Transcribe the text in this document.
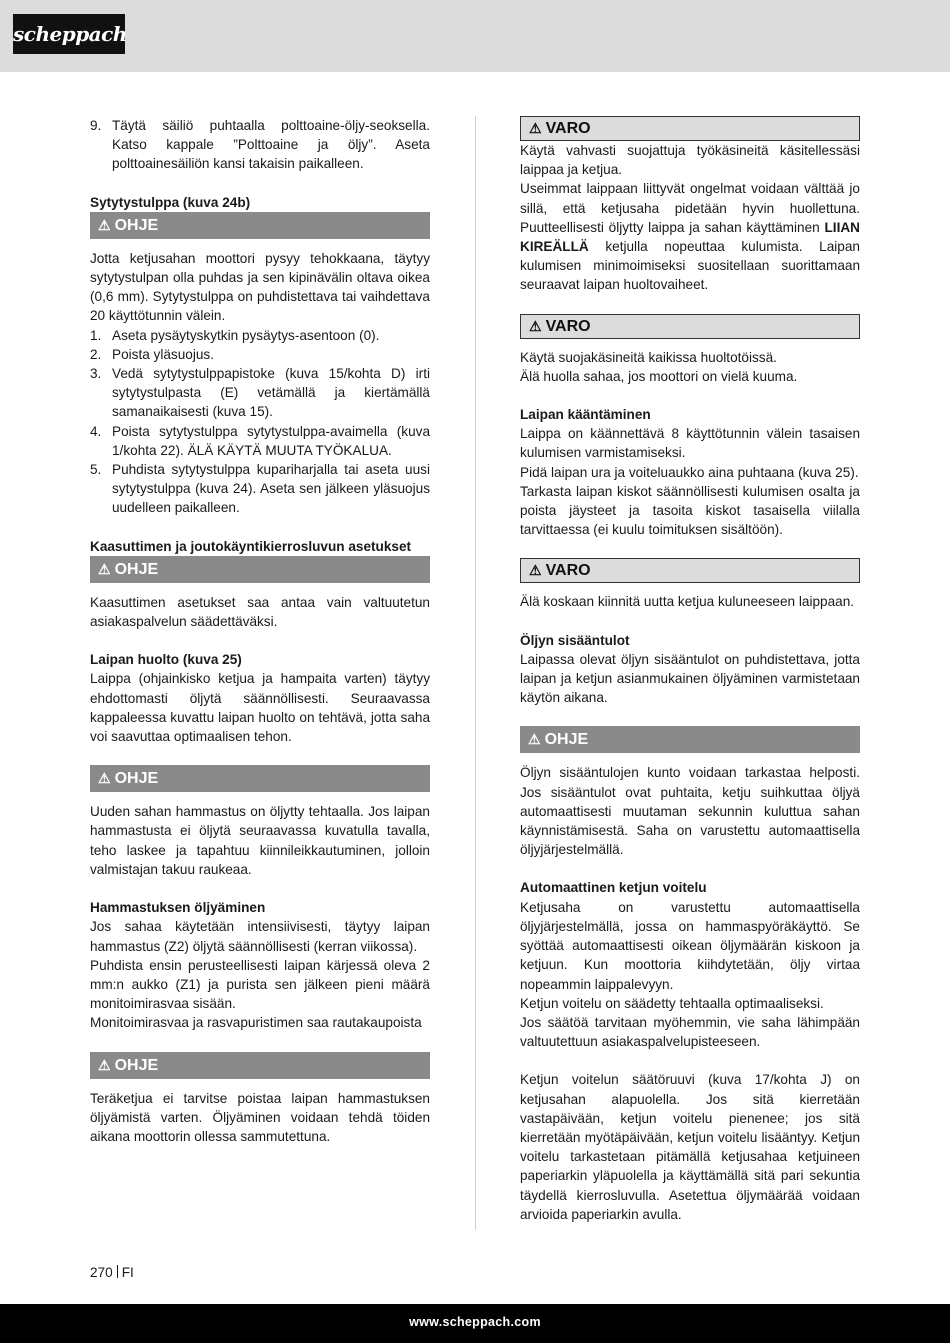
scheppach
9. Täytä säiliö puhtaalla polttoaine-öljy-seoksella. Katso kappale ”Polttoaine ja öljy”. Aseta polttoainesäiliön kansi takaisin paikalleen.
Sytytystulppa (kuva 24b)
⚠ OHJE

Jotta ketjusahan moottori pysyy tehokkaana, täytyy sytytystulpan olla puhdas ja sen kipinävälin oltava oikea (0,6 mm). Sytytystulppa on puhdistettava tai vaihdettava 20 käyttötunnin välein.

1. Aseta pysäytyskytkin pysäytys-asentoon (0).
2. Poista yläsuojus.
3. Vedä sytytystulppapistoke (kuva 15/kohta D) irti sytytystulpasta (E) vetämällä ja kiertämällä samanaikaisesti (kuva 15).
4. Poista sytytystulppa sytytystulppa-avaimella (kuva 1/kohta 22). ÄLÄ KÄYTÄ MUUTA TYÖKALUA.
5. Puhdista sytytystulppa kupariharjalla tai aseta uusi sytytystulppa (kuva 24). Aseta sen jälkeen yläsuojus uudelleen paikalleen.
Kaasuttimen ja joutokäyntikierrosluvun asetukset
⚠ OHJE

Kaasuttimen asetukset saa antaa vain valtuutetun asiakaspalvelun säädettäväksi.

Laipan huolto (kuva 25)

Laippa (ohjainkisko ketjua ja hampaita varten) täytyy ehdottomasti öljytä säännöllisesti. Seuraavassa kappaleessa kuvattu laipan huolto on tehtävä, jotta saha voi saavuttaa optimaalisen tehon.

⚠ OHJE

Uuden sahan hammastus on öljytty tehtaalla. Jos laipan hammastusta ei öljytä seuraavassa kuvatulla tavalla, teho laskee ja tapahtuu kiinnileikkautuminen, jolloin valmistajan takuu raukeaa.

Hammastuksen öljyäminen

Jos sahaa käytetään intensiivisesti, täytyy laipan hammastus (Z2) öljytä säännöllisesti (kerran viikossa).

Puhdista ensin perusteellisesti laipan kärjessä oleva 2 mm:n aukko (Z1) ja purista sen jälkeen pieni määrä monitoimirasvaa sisään.

Monitoimirasvaa ja rasvapuristimen saa rautakaupoista

⚠ OHJE

Teräketjua ei tarvitse poistaa laipan hammastuksen öljyämistä varten. Öljyäminen voidaan tehdä töiden aikana moottorin ollessa sammutettuna.

⚠ VARO

Käytä vahvasti suojattuja työkäsineitä käsitellessäsi laippaa ja ketjua.

Useimmat laippaan liittyvät ongelmat voidaan välttää jo sillä, että ketjusaha pidetään hyvin huollettuna. Puutteellisesti öljytty laippa ja sahan käyttäminen LIIAN KIREÄLLÄ ketjulla nopeuttaa kulumista. Laipan kulumisen minimoimiseksi suositellaan suorittamaan seuraavat laipan huoltovaiheet.

⚠ VARO

Käytä suojakäsineitä kaikissa huoltotöissä.

Älä huolla sahaa, jos moottori on vielä kuuma.

Laipan kääntäminen

Laippa on käännettävä 8 käyttötunnin välein tasaisen kulumisen varmistamiseksi.

Pidä laipan ura ja voiteluaukko aina puhtaana (kuva 25).

Tarkasta laipan kiskot säännöllisesti kulumisen osalta ja poista jäysteet ja tasoita kiskot tasaisella viilalla tarvittaessa (ei kuulu toimituksen sisältöön).

⚠ VARO

Älä koskaan kiinnitä uutta ketjua kuluneeseen laippaan.

Öljyn sisääntulot

Laipassa olevat öljyn sisääntulot on puhdistettava, jotta laipan ja ketjun asianmukainen öljyäminen varmistetaan käytön aikana.

⚠ OHJE

Öljyn sisääntulojen kunto voidaan tarkastaa helposti. Jos sisääntulot ovat puhtaita, ketju suihkuttaa öljyä automaattisesti muutaman sekunnin kuluttua sahan käynnistämisestä. Saha on varustettu automaattisella öljyjärjestelmällä.

Automaattinen ketjun voitelu

Ketjusaha on varustettu automaattisella öljyjärjestelmällä, jossa on hammaspyöräkäyttö. Se syöttää automaattisesti oikean öljymäärän kiskoon ja ketjuun. Kun moottoria kiihdytetään, öljy virtaa nopeammin laippalevyyn.

Ketjun voitelu on säädetty tehtaalla optimaaliseksi.

Jos säätöä tarvitaan myöhemmin, vie saha lähimpään valtuutettuun asiakaspalvelupisteeseen.

Ketjun voitelun säätöruuvi (kuva 17/kohta J) on ketjusahan alapuolella. Jos sitä kierretään vastapäivään, ketjun voitelu pienenee; jos sitä kierretään myötäpäivään, ketjun voitelu lisääntyy. Ketjun voitelu tarkastetaan pitämällä ketjusahaa ketjuineen paperiarkin yläpuolella ja käyttämällä sitä pari sekuntia täydellä kierrosluvulla. Asetettua öljymäärää voidaan arvioida paperiarkin avulla.

270 FI
www.scheppach.com
